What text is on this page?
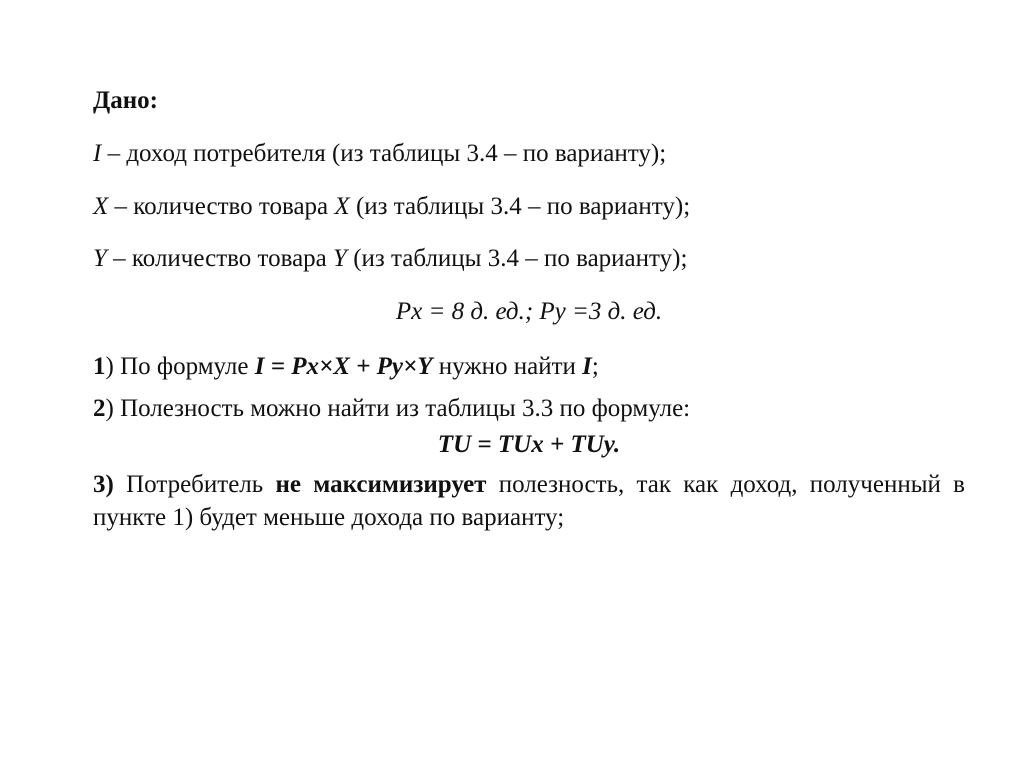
Дано:
I – доход потребителя (из таблицы 3.4 – по варианту);
X – количество товара X (из таблицы 3.4 – по варианту);
Y – количество товара Y (из таблицы 3.4 – по варианту);
Px = 8 д. ед.; Py =3 д. ед.
1) По формуле I = Px×X + Py×Y нужно найти I;
2) Полезность можно найти из таблицы 3.3 по формуле:
TU = TUx + TUy.
3) Потребитель не максимизирует полезность, так как доход, полученный в пункте 1) будет меньше дохода по варианту;
